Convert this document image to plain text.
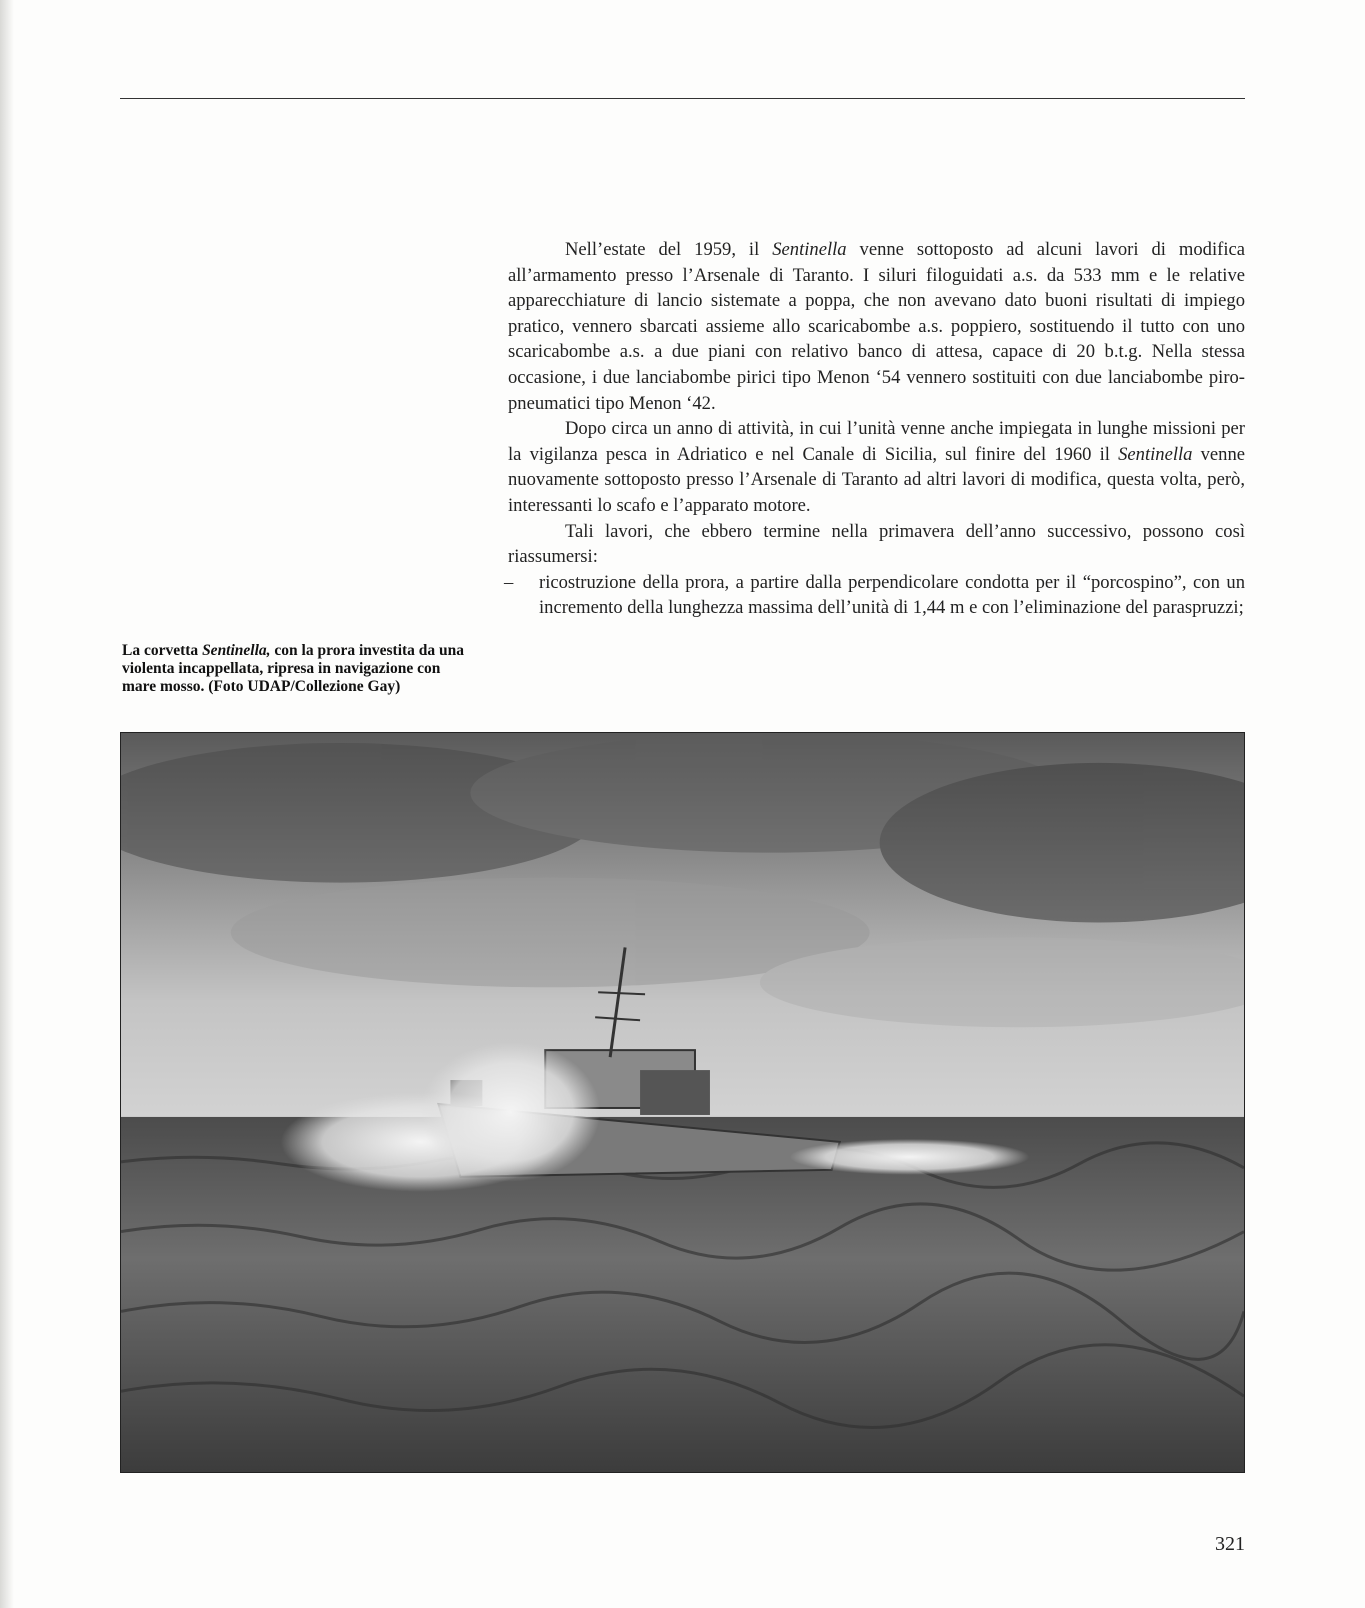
La corvetta Sentinella, con la prora investita da una violenta incappellata, ripresa in navigazione con mare mosso. (Foto UDAP/Collezione Gay)

Nell’estate del 1959, il Sentinella venne sottoposto ad alcuni lavori di modifica all’armamento presso l’Arsenale di Taranto. I siluri filoguidati a.s. da 533 mm e le relative apparecchiature di lancio sistemate a poppa, che non avevano dato buoni risultati di impiego pratico, vennero sbarcati assieme allo scaricabombe a.s. poppiero, sostituendo il tutto con uno scaricabombe a.s. a due piani con relativo banco di attesa, capace di 20 b.t.g. Nella stessa occasione, i due lanciabombe pirici tipo Menon ‘54 vennero sostituiti con due lanciabombe piro-pneumatici tipo Menon ‘42.

Dopo circa un anno di attività, in cui l’unità venne anche impiegata in lunghe missioni per la vigilanza pesca in Adriatico e nel Canale di Sicilia, sul finire del 1960 il Sentinella venne nuovamente sottoposto presso l’Arsenale di Taranto ad altri lavori di modifica, questa volta, però, interessanti lo scafo e l’apparato motore.

Tali lavori, che ebbero termine nella primavera dell’anno successivo, possono così riassumersi:

– ricostruzione della prora, a partire dalla perpendicolare condotta per il “porcospino”, con un incremento della lunghezza massima dell’unità di 1,44 m e con l’eliminazione del paraspruzzi;
321
